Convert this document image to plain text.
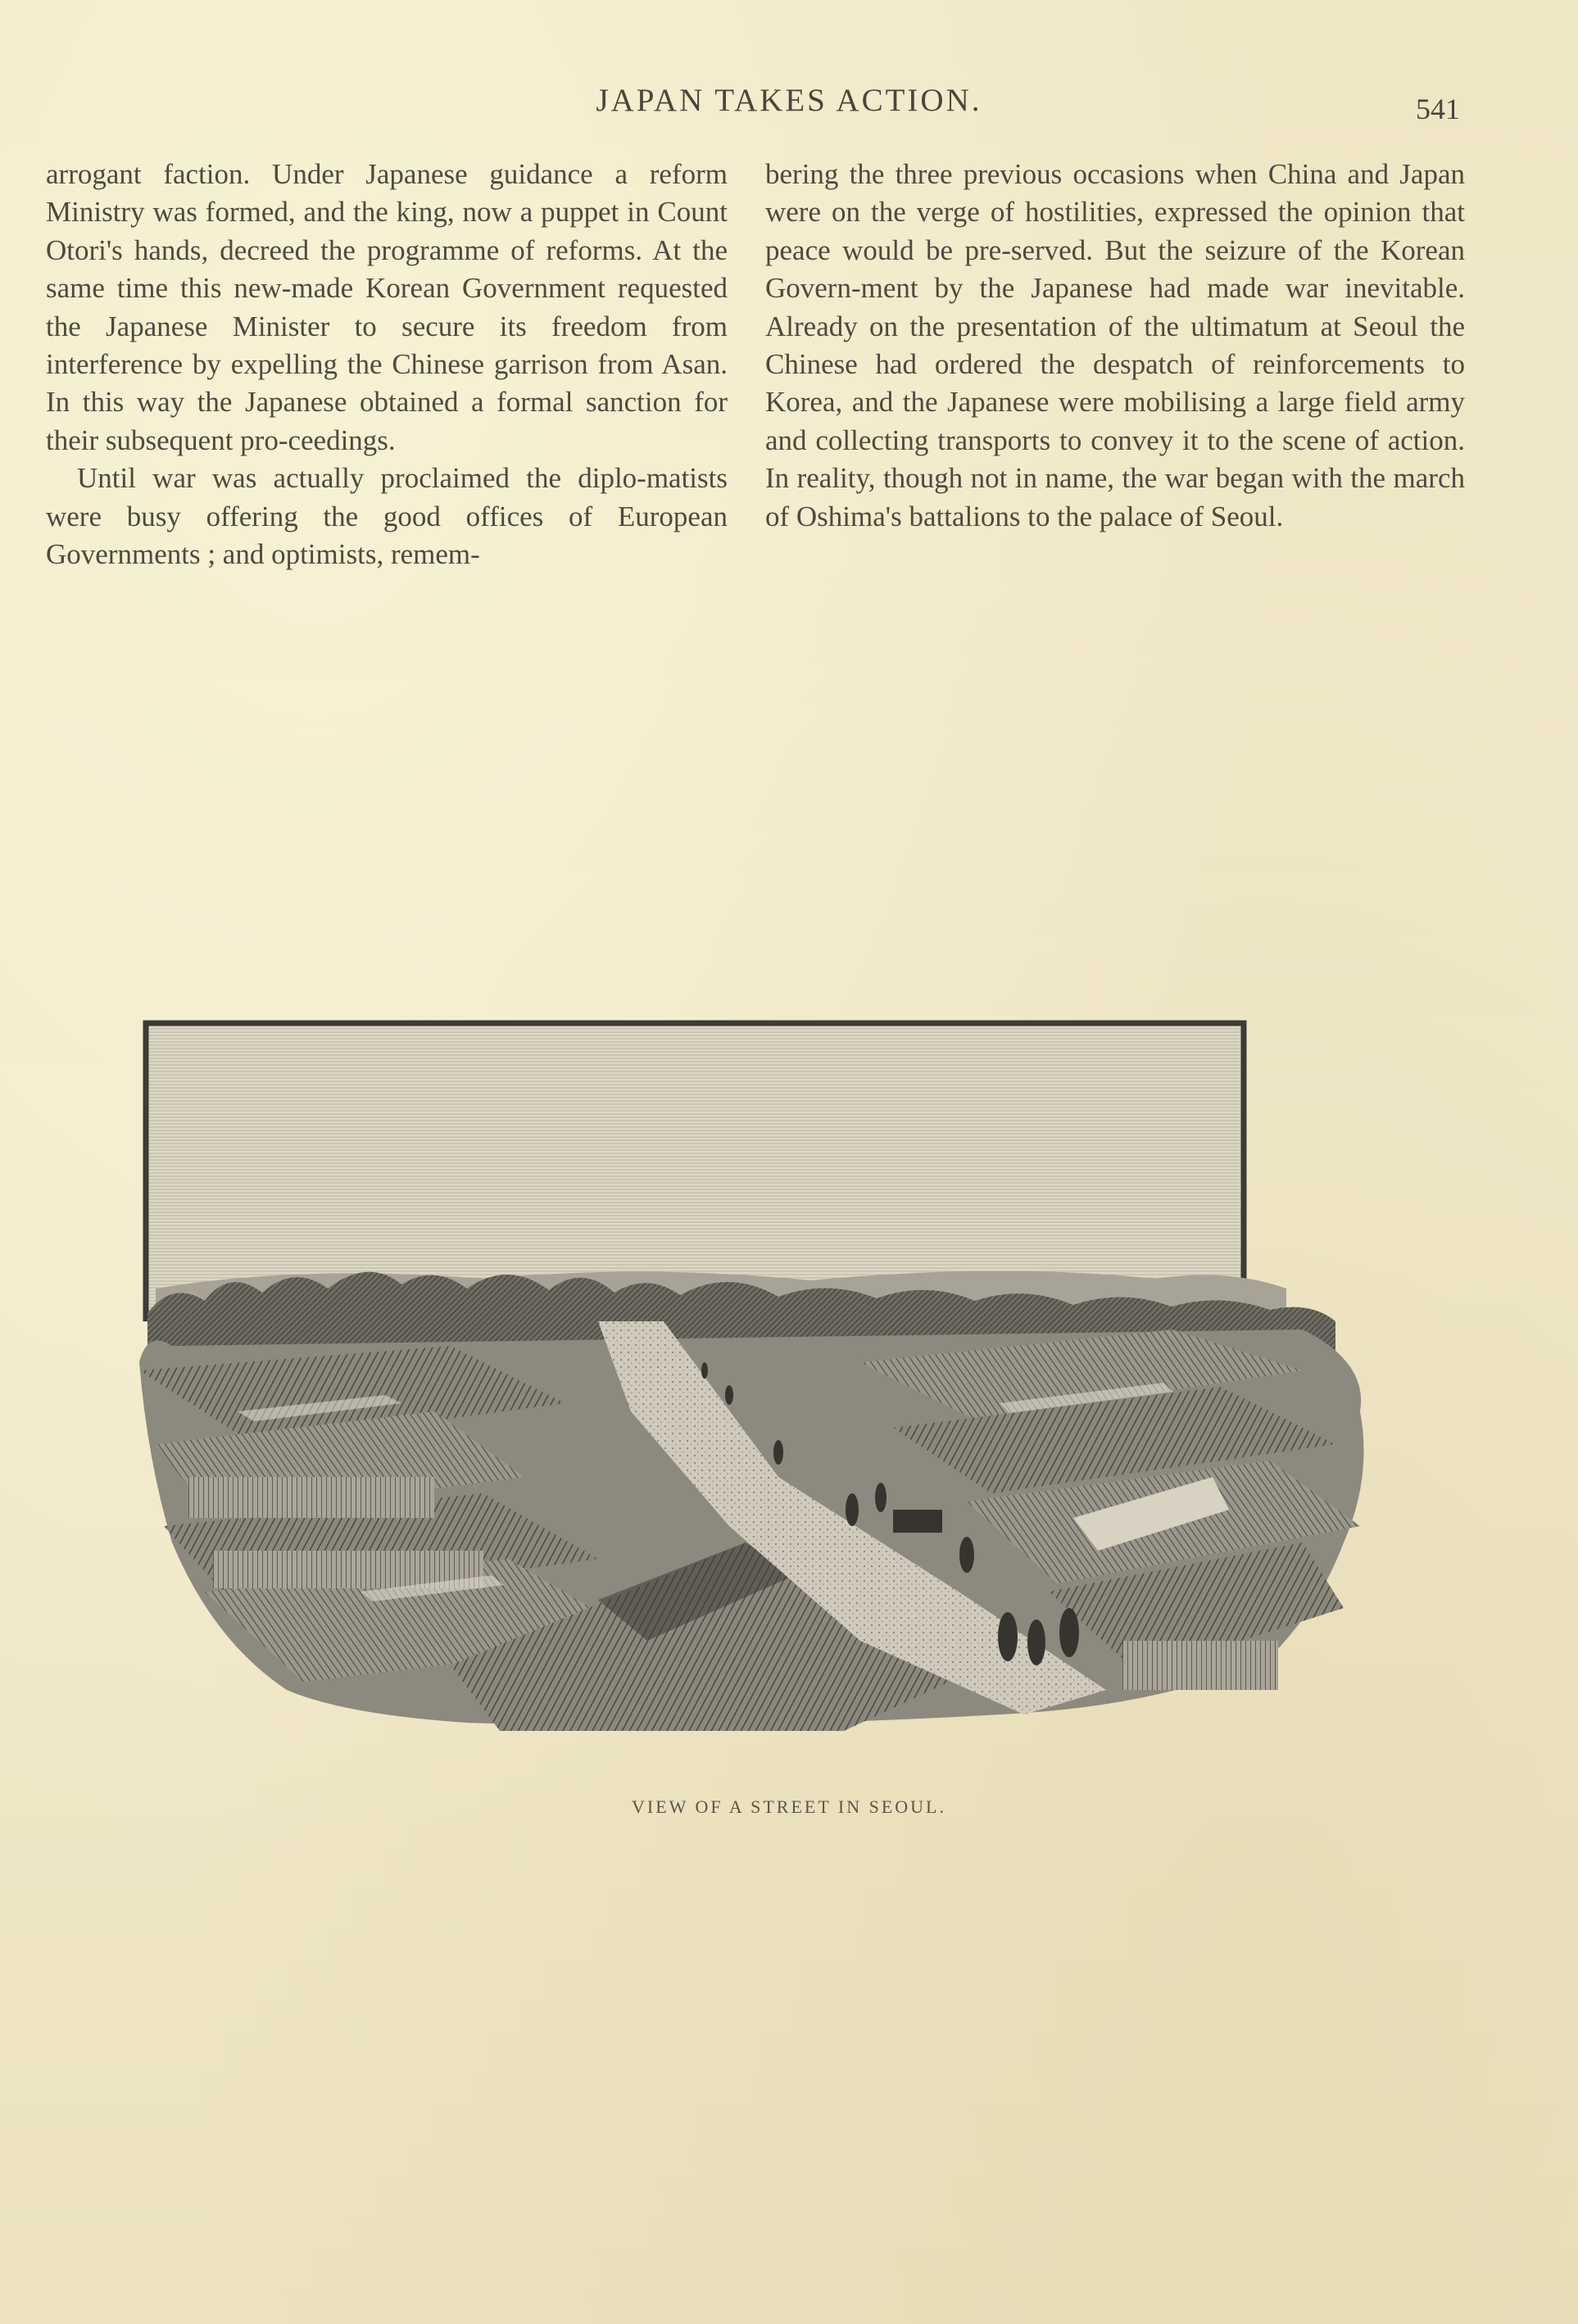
JAPAN TAKES ACTION.	541

arrogant faction. Under Japanese guidance a reform Ministry was formed, and the king, now a puppet in Count Otori's hands, decreed the programme of reforms. At the same time this new-made Korean Government requested the Japanese Minister to secure its freedom from interference by expelling the Chinese garrison from Asan. In this way the Japanese obtained a formal sanction for their subsequent pro-ceedings.

Until war was actually proclaimed the diplo-matists were busy offering the good offices of European Governments ; and optimists, remem-

bering the three previous occasions when China and Japan were on the verge of hostilities, expressed the opinion that peace would be pre-served. But the seizure of the Korean Govern-ment by the Japanese had made war inevitable. Already on the presentation of the ultimatum at Seoul the Chinese had ordered the despatch of reinforcements to Korea, and the Japanese were mobilising a large field army and collecting transports to convey it to the scene of action. In reality, though not in name, the war began with the march of Oshima's battalions to the palace of Seoul.

VIEW OF A STREET IN SEOUL.
